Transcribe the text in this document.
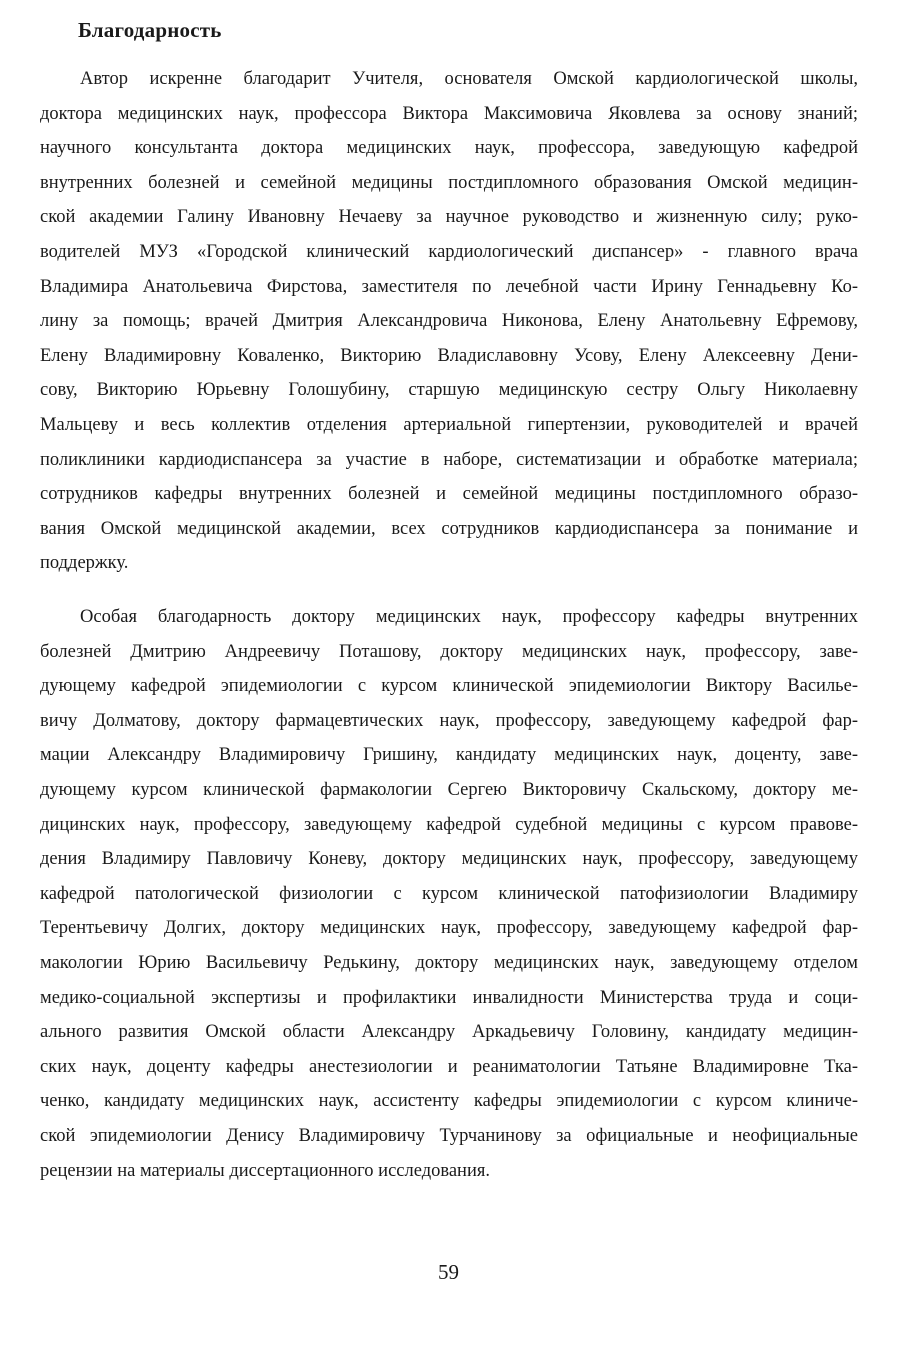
Благодарность
Автор искренне благодарит Учителя, основателя Омской кардиологической школы,
доктора медицинских наук, профессора Виктора Максимовича Яковлева за основу знаний;
научного консультанта доктора медицинских наук, профессора, заведующую кафедрой
внутренних болезней и семейной медицины постдипломного образования Омской медицин-
ской академии Галину Ивановну Нечаеву за научное руководство и жизненную силу; руко-
водителей МУЗ «Городской клинический кардиологический диспансер» - главного врача
Владимира Анатольевича Фирстова, заместителя по лечебной части Ирину Геннадьевну Ко-
лину за помощь; врачей Дмитрия Александровича Никонова, Елену Анатольевну Ефремову,
Елену Владимировну Коваленко, Викторию Владиславовну Усову, Елену Алексеевну Дени-
сову, Викторию Юрьевну Голошубину, старшую медицинскую сестру Ольгу Николаевну
Мальцеву и весь коллектив отделения артериальной гипертензии, руководителей и врачей
поликлиники кардиодиспансера за участие в наборе, систематизации и обработке материала;
сотрудников кафедры внутренних болезней и семейной медицины постдипломного образо-
вания Омской медицинской академии, всех сотрудников кардиодиспансера за понимание и
поддержку.
Особая благодарность доктору медицинских наук, профессору кафедры внутренних
болезней Дмитрию Андреевичу Поташову, доктору медицинских наук, профессору, заве-
дующему кафедрой эпидемиологии с курсом клинической эпидемиологии Виктору Василье-
вичу Долматову, доктору фармацевтических наук, профессору, заведующему кафедрой фар-
мации Александру Владимировичу Гришину, кандидату медицинских наук, доценту, заве-
дующему курсом клинической фармакологии Сергею Викторовичу Скальскому, доктору ме-
дицинских наук, профессору, заведующему кафедрой судебной медицины с курсом правове-
дения Владимиру Павловичу Коневу, доктору медицинских наук, профессору, заведующему
кафедрой патологической физиологии с курсом клинической патофизиологии Владимиру
Терентьевичу Долгих, доктору медицинских наук, профессору, заведующему кафедрой фар-
макологии Юрию Васильевичу Редькину, доктору медицинских наук, заведующему отделом
медико-социальной экспертизы и профилактики инвалидности Министерства труда и соци-
ального развития Омской области Александру Аркадьевичу Головину, кандидату медицин-
ских наук, доценту кафедры анестезиологии и реаниматологии Татьяне Владимировне Тка-
ченко, кандидату медицинских наук, ассистенту кафедры эпидемиологии с курсом клиниче-
ской эпидемиологии Денису Владимировичу Турчанинову за официальные и неофициальные
рецензии на материалы диссертационного исследования.
59
